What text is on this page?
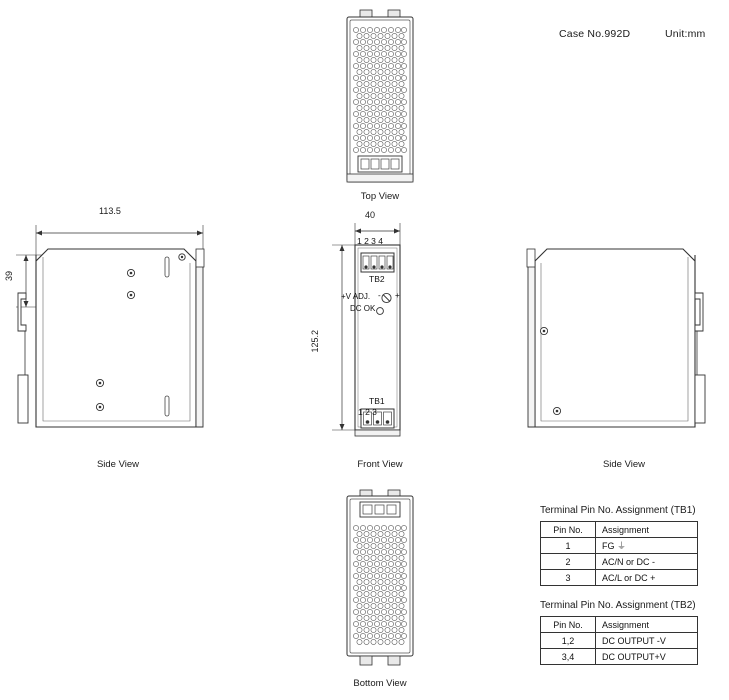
Case No.992D	Unit:mm
Top View
113.5
39
Side View
40
125.2
1 2 3 4
TB2
+V ADJ. - +
DC OK
TB1
1 2 3
Front View	Side View
Bottom View
Terminal Pin No. Assignment (TB1)
Pin No.	Assignment
1	FG ⏚
2	AC/N or DC -
3	AC/L or DC +
Terminal Pin No. Assignment (TB2)
Pin No.	Assignment
1,2	DC OUTPUT -V
3,4	DC OUTPUT+V
